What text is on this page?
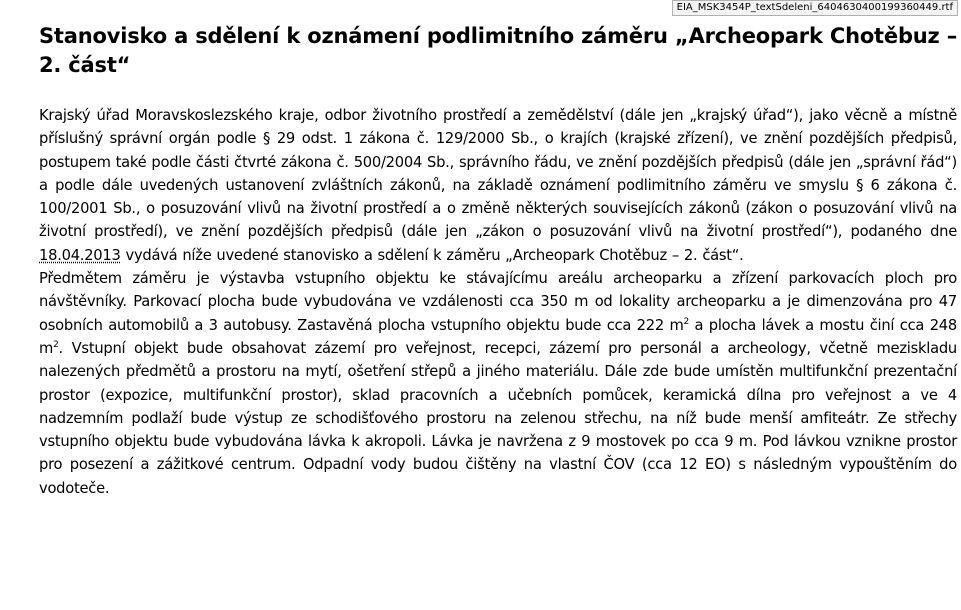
EIA_MSK3454P_textSdeleni_6404630400199360449.rtf
Stanovisko a sdělení k oznámení podlimitního záměru „Archeopark Chotěbuz – 2. část“

Krajský úřad Moravskoslezského kraje, odbor životního prostředí a zemědělství (dále jen „krajský úřad“), jako věcně a místně příslušný správní orgán podle § 29 odst. 1 zákona č. 129/2000 Sb., o krajích (krajské zřízení), ve znění pozdějších předpisů, postupem také podle části čtvrté zákona č. 500/2004 Sb., správního řádu, ve znění pozdějších předpisů (dále jen „správní řád“) a podle dále uvedených ustanovení zvláštních zákonů, na základě oznámení podlimitního záměru ve smyslu § 6 zákona č. 100/2001 Sb., o posuzování vlivů na životní prostředí a o změně některých souvisejících zákonů (zákon o posuzování vlivů na životní prostředí), ve znění pozdějších předpisů (dále jen „zákon o posuzování vlivů na životní prostředí“), podaného dne 18.04.2013 vydává níže uvedené stanovisko a sdělení k záměru „Archeopark Chotěbuz – 2. část“.

Předmětem záměru je výstavba vstupního objektu ke stávajícímu areálu archeoparku a zřízení parkovacích ploch pro návštěvníky. Parkovací plocha bude vybudována ve vzdálenosti cca 350 m od lokality archeoparku a je dimenzována pro 47 osobních automobilů a 3 autobusy. Zastavěná plocha vstupního objektu bude cca 222 $m^2$ a plocha lávek a mostu činí cca 248 $m^2$. Vstupní objekt bude obsahovat zázemí pro veřejnost, recepci, zázemí pro personál a archeology, včetně meziskladu nalezených předmětů a prostoru na mytí, ošetření střepů a jiného materiálu. Dále zde bude umístěn multifunkční prezentační prostor (expozice, multifunkční prostor), sklad pracovních a učebních pomůcek, keramická dílna pro veřejnost a ve 4 nadzemním podlaží bude výstup ze schodišťového prostoru na zelenou střechu, na níž bude menší amfiteátr. Ze střechy vstupního objektu bude vybudována lávka k akropoli. Lávka je navržena z 9 mostovek po cca 9 m. Pod lávkou vznikne prostor pro posezení a zážitkové centrum. Odpadní vody budou čištěny na vlastní ČOV (cca 12 EO) s následným vypouštěním do vodoteče.
